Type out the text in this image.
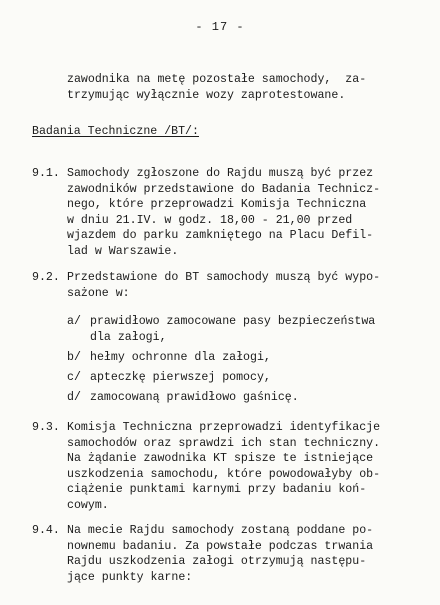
- 17 -
zawodnika na metę pozostałe samochody,  za-
trzymując wyłącznie wozy zaprotestowane.
Badania Techniczne /BT/:
9.1. Samochody zgłoszone do Rajdu muszą być przez
zawodników przedstawione do Badania Technicz-
nego, które przeprowadzi Komisja Techniczna
w dniu 21.IV. w godz. 18,00 - 21,00 przed
wjazdem do parku zamkniętego na Placu Defil-
lad w Warszawie.
9.2. Przedstawione do BT samochody muszą być wypo-
sażone w:
a/ prawidłowo zamocowane pasy bezpieczeństwa
dla załogi,
b/ hełmy ochronne dla załogi,
c/ apteczkę pierwszej pomocy,
d/ zamocowaną prawidłowo gaśnicę.
9.3. Komisja Techniczna przeprowadzi identyfikacje
samochodów oraz sprawdzi ich stan techniczny.
Na żądanie zawodnika KT spisze te istniejące
uszkodzenia samochodu, które powodowałyby ob-
ciążenie punktami karnymi przy badaniu koń-
cowym.
9.4. Na mecie Rajdu samochody zostaną poddane po-
nownemu badaniu. Za powstałe podczas trwania
Rajdu uszkodzenia załogi otrzymują następu-
jące punkty karne:
